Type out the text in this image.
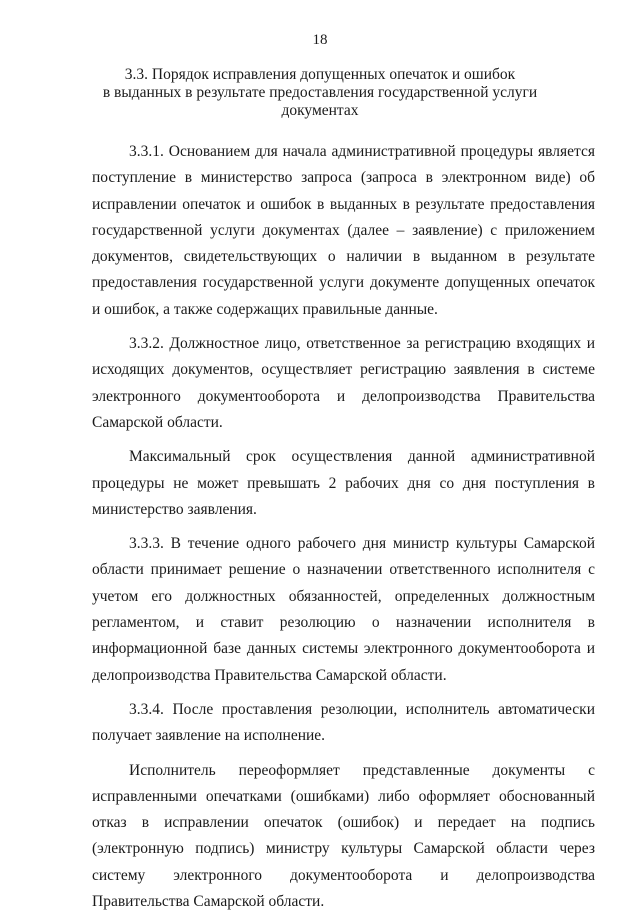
18
3.3. Порядок исправления допущенных опечаток и ошибок
в выданных в результате предоставления государственной услуги
документах

3.3.1. Основанием для начала административной процедуры является поступление в министерство запроса (запроса в электронном виде) об исправлении опечаток и ошибок в выданных в результате предоставления государственной услуги документах (далее – заявление) с приложением документов, свидетельствующих о наличии в выданном в результате предоставления государственной услуги документе допущенных опечаток и ошибок, а также содержащих правильные данные.

3.3.2. Должностное лицо, ответственное за регистрацию входящих и исходящих документов, осуществляет регистрацию заявления в системе электронного документооборота и делопроизводства Правительства Самарской области.

Максимальный срок осуществления данной административной процедуры не может превышать 2 рабочих дня со дня поступления в министерство заявления.

3.3.3. В течение одного рабочего дня министр культуры Самарской области принимает решение о назначении ответственного исполнителя с учетом его должностных обязанностей, определенных должностным регламентом, и ставит резолюцию о назначении исполнителя в информационной базе данных системы электронного документооборота и делопроизводства Правительства Самарской области.

3.3.4. После проставления резолюции, исполнитель автоматически получает заявление на исполнение.

Исполнитель переоформляет представленные документы с исправленными опечатками (ошибками) либо оформляет обоснованный отказ в исправлении опечаток (ошибок) и передает на подпись (электронную подпись) министру культуры Самарской области через систему электронного документооборота и делопроизводства Правительства Самарской области.
